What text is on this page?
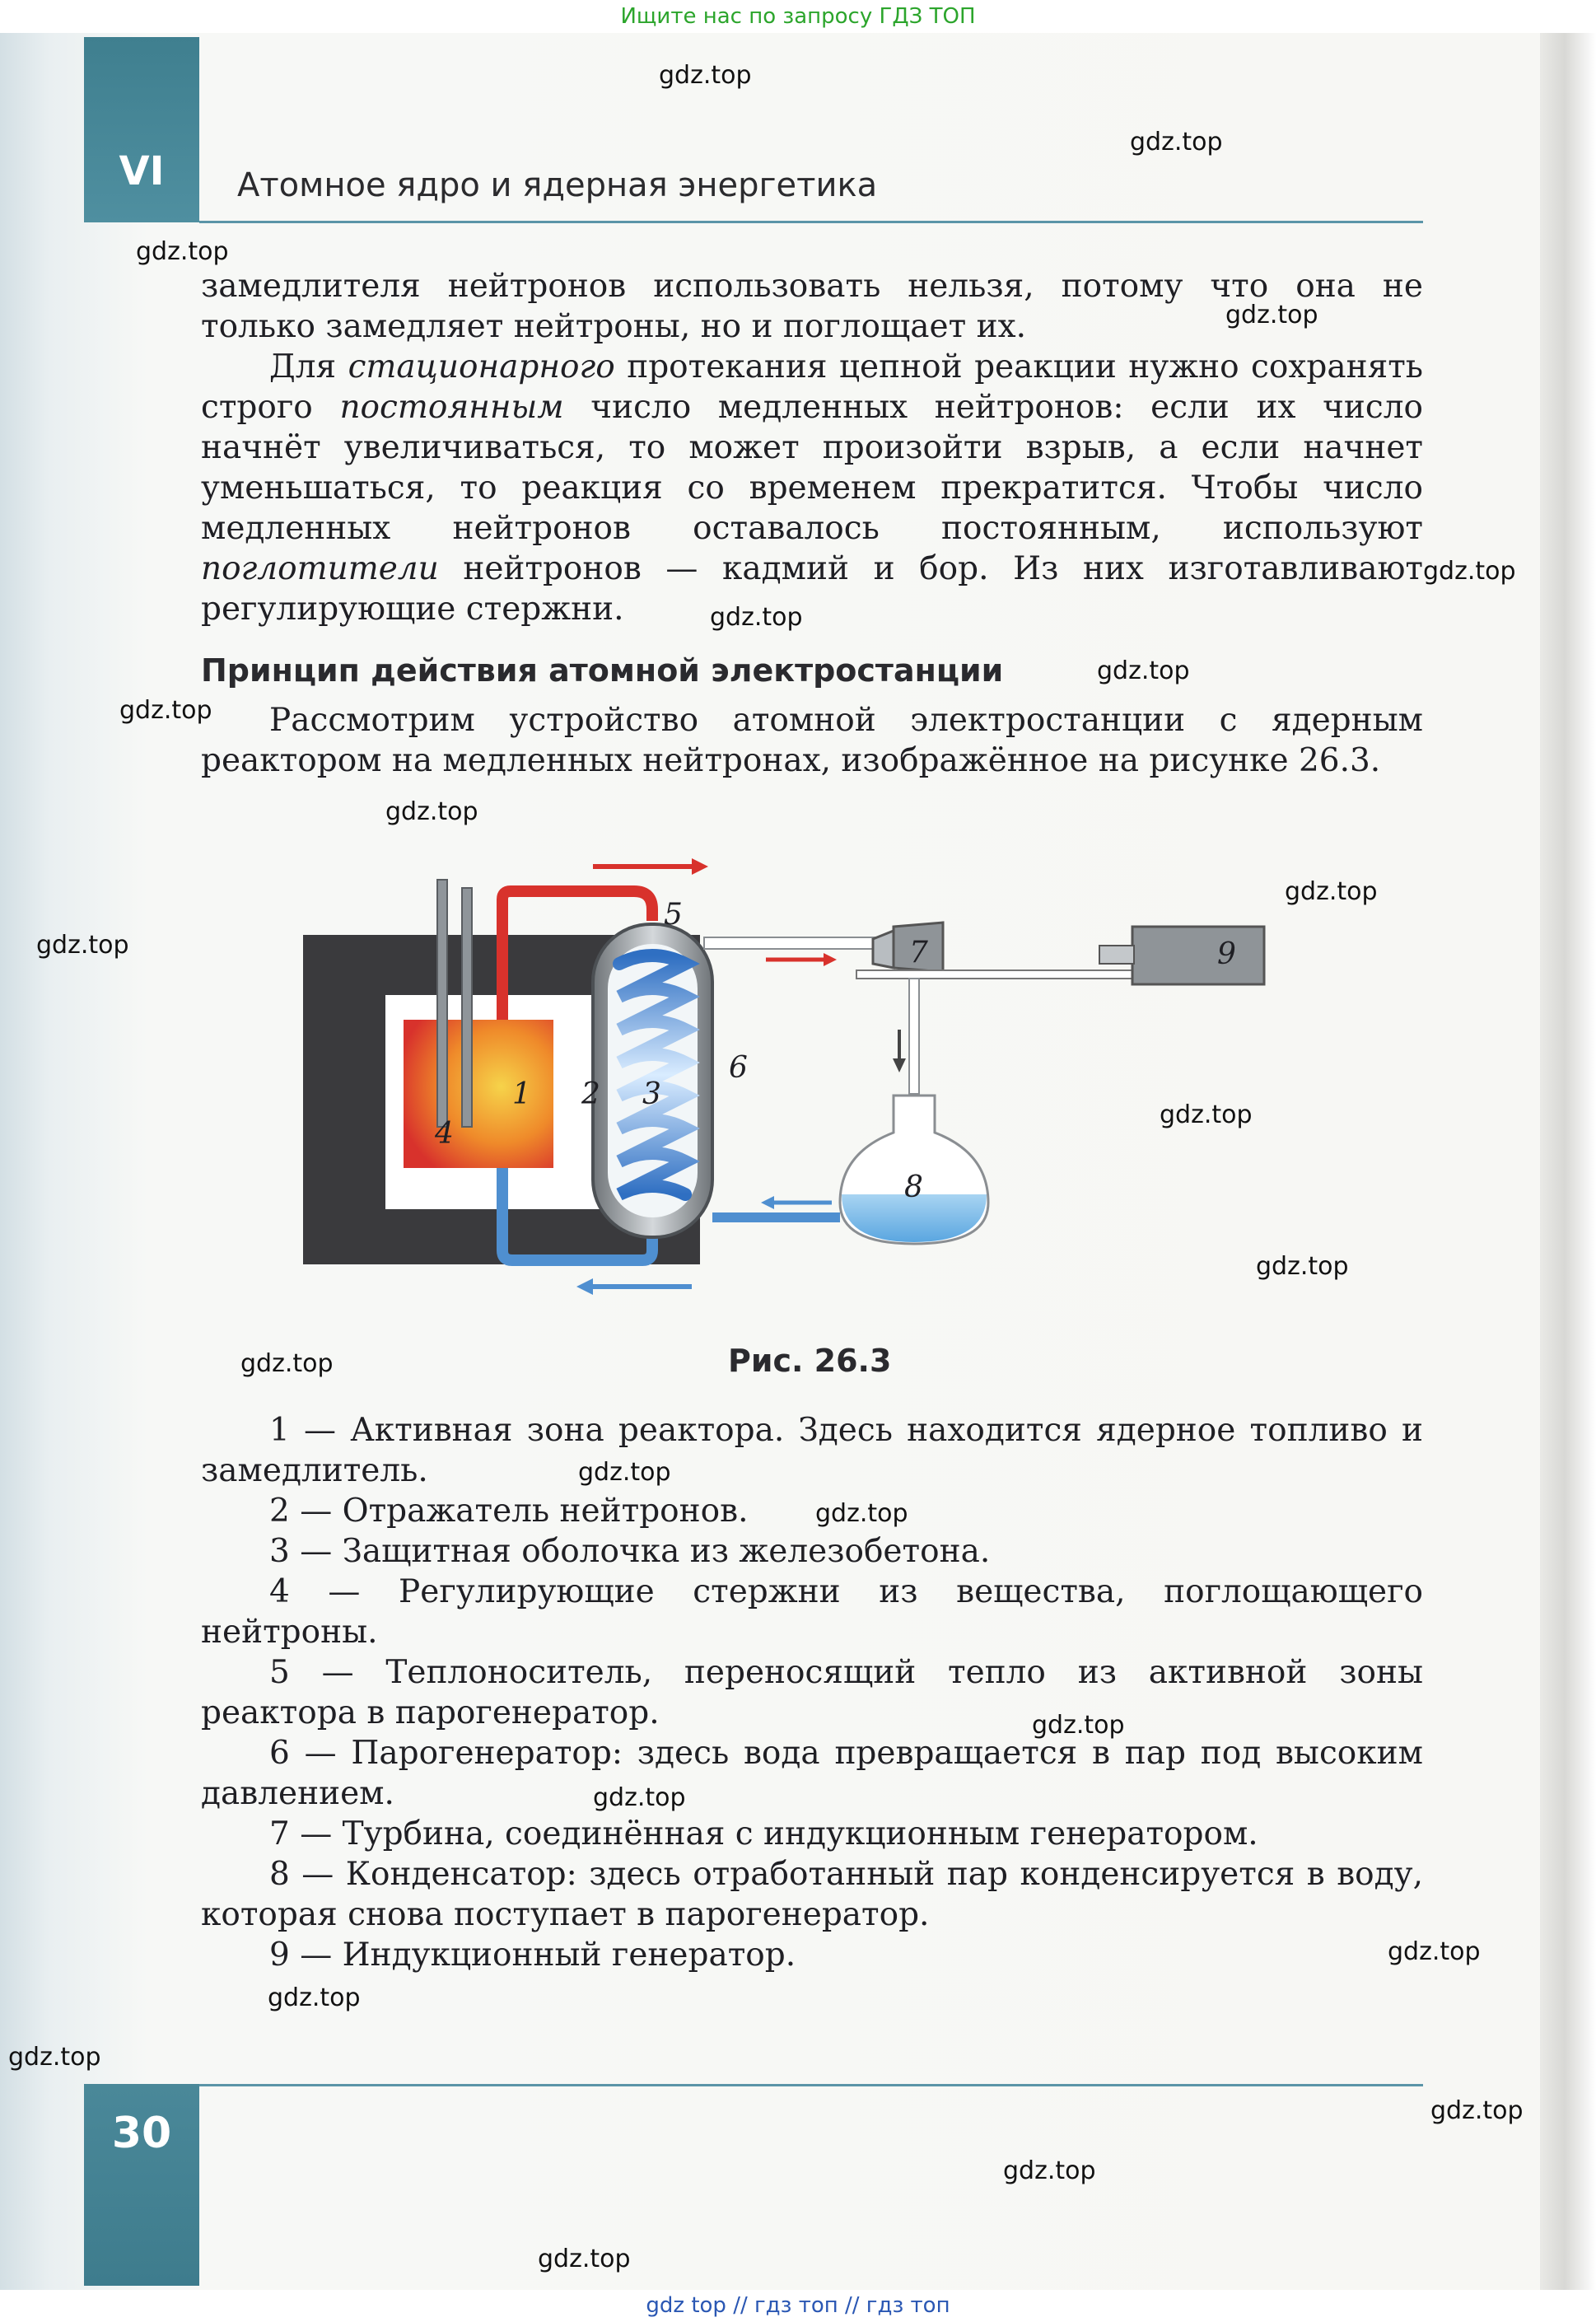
Ищите нас по запросу ГДЗ ТОП
VI	Атомное ядро и ядерная энергетика

замедлителя нейтронов использовать нельзя, потому что она не только замедляет нейтроны, но и поглощает их.

Для стационарного протекания цепной реакции нужно сохранять строго постоянным число медленных нейтронов: если их число начнёт увеличиваться, то может произойти взрыв, а если начнет уменьшаться, то реакция со временем прекратится. Чтобы число медленных нейтронов оставалось постоянным, используют поглотители нейтронов — кадмий и бор. Из них изготавливают регулирующие стержни.

Принцип действия атомной электростанции

Рассмотрим устройство атомной электростанции с ядерным реактором на медленных нейтронах, изображённое на рисунке 26.3.

1 2 3
4
5
6
7
8
9
Рис. 26.3

1 — Активная зона реактора. Здесь находится ядерное топливо и замедлитель.

2 — Отражатель нейтронов.

3 — Защитная оболочка из железобетона.

4 — Регулирующие стержни из вещества, поглощающего нейтроны.

5 — Теплоноситель, переносящий тепло из активной зоны реактора в парогенератор.

6 — Парогенератор: здесь вода превращается в пар под высоким давлением.

7 — Турбина, соединённая с индукционным генератором.

8 — Конденсатор: здесь отработанный пар конденсируется в воду, которая снова поступает в парогенератор.

9 — Индукционный генератор.

30
gdz.top
gdz.top
gdz.top
gdz.top
gdz.top
gdz.top
gdz.top
gdz.top
gdz.top
gdz.top
gdz.top
gdz.top
gdz.top
gdz.top
gdz.top
gdz.top
gdz.top
gdz.top
gdz.top
gdz.top
gdz.top
gdz.top
gdz.top
gdz.top
gdz top // гдз топ // гдз топ
